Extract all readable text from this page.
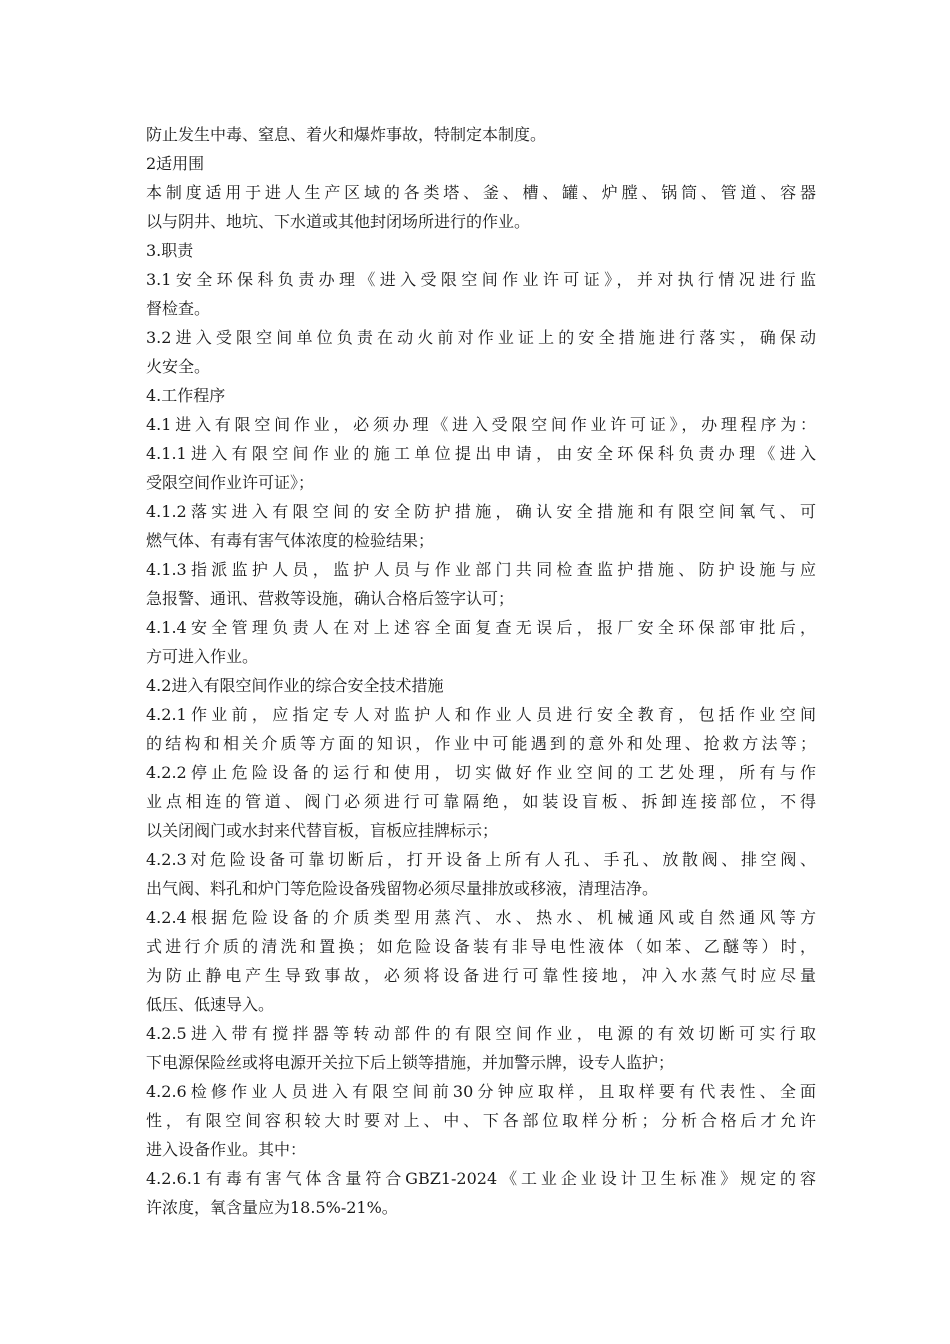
防止发生中毒、窒息、着火和爆炸事故，特制定本制度。
2适用围
本制度适用于进人生产区域的各类塔、釜、槽、罐、炉膛、锅筒、管道、容器
以与阴井、地坑、下水道或其他封闭场所进行的作业。
3.职责
3.1安全环保科负责办理《进入受限空间作业许可证》，并对执行情况进行监
督检查。
3.2进入受限空间单位负责在动火前对作业证上的安全措施进行落实，确保动
火安全。
4.工作程序
4.1进入有限空间作业，必须办理《进入受限空间作业许可证》，办理程序为：
4.1.1进入有限空间作业的施工单位提出申请，由安全环保科负责办理《进入
受限空间作业许可证》；
4.1.2落实进入有限空间的安全防护措施，确认安全措施和有限空间氧气、可
燃气体、有毒有害气体浓度的检验结果；
4.1.3指派监护人员，监护人员与作业部门共同检查监护措施、防护设施与应
急报警、通讯、营救等设施，确认合格后签字认可；
4.1.4安全管理负责人在对上述容全面复查无误后，报厂安全环保部审批后，
方可进入作业。
4.2进入有限空间作业的综合安全技术措施
4.2.1作业前，应指定专人对监护人和作业人员进行安全教育，包括作业空间
的结构和相关介质等方面的知识，作业中可能遇到的意外和处理、抢救方法等；
4.2.2停止危险设备的运行和使用，切实做好作业空间的工艺处理，所有与作
业点相连的管道、阀门必须进行可靠隔绝，如装设盲板、拆卸连接部位，不得
以关闭阀门或水封来代替盲板，盲板应挂牌标示；
4.2.3对危险设备可靠切断后，打开设备上所有人孔、手孔、放散阀、排空阀、
出气阀、料孔和炉门等危险设备残留物必须尽量排放或移液，清理洁净。
4.2.4根据危险设备的介质类型用蒸汽、水、热水、机械通风或自然通风等方
式进行介质的清洗和置换；如危险设备装有非导电性液体（如苯、乙醚等）时，
为防止静电产生导致事故，必须将设备进行可靠性接地，冲入水蒸气时应尽量
低压、低速导入。
4.2.5进入带有搅拌器等转动部件的有限空间作业，电源的有效切断可实行取
下电源保险丝或将电源开关拉下后上锁等措施，并加警示牌，设专人监护；
4.2.6检修作业人员进入有限空间前30分钟应取样，且取样要有代表性、全面
性，有限空间容积较大时要对上、中、下各部位取样分析；分析合格后才允许
进入设备作业。其中：
4.2.6.1有毒有害气体含量符合GBZ1-2024《工业企业设计卫生标准》规定的容
许浓度，氧含量应为18.5%-21%。
